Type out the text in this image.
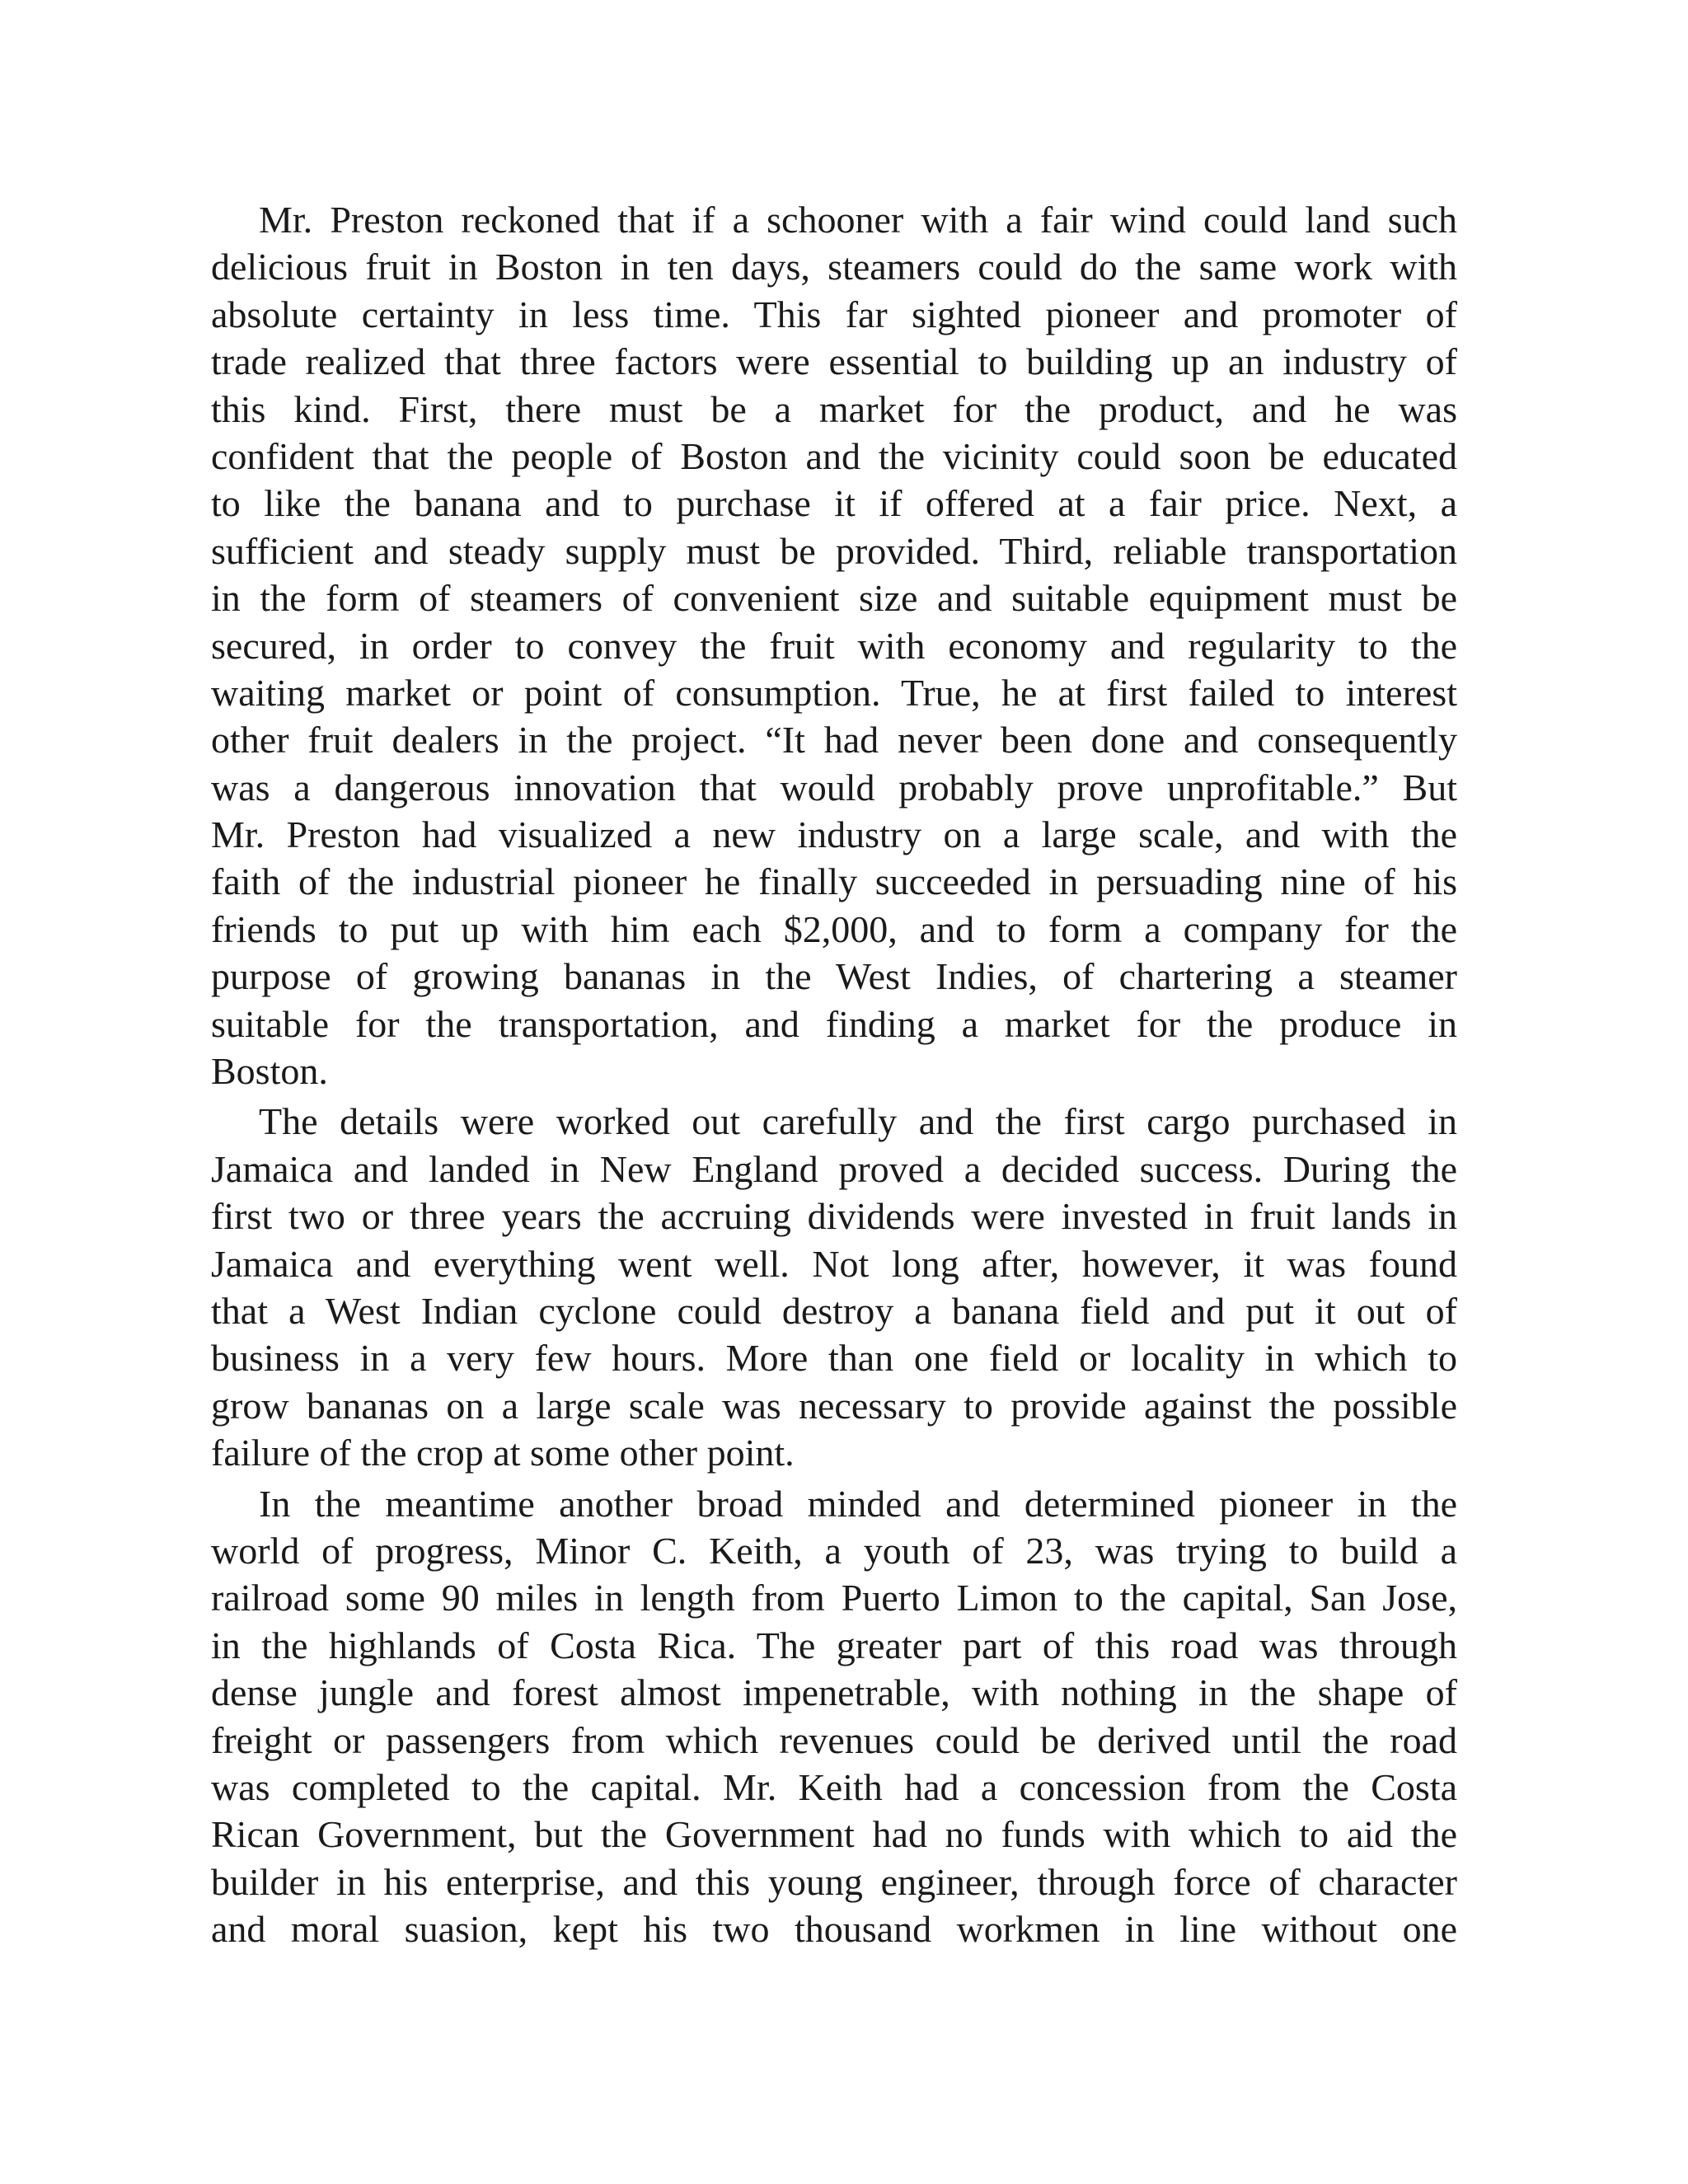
Mr. Preston reckoned that if a schooner with a fair wind could land such
delicious fruit in Boston in ten days, steamers could do the same work with
absolute certainty in less time. This far sighted pioneer and promoter of
trade realized that three factors were essential to building up an industry of
this kind. First, there must be a market for the product, and he was
confident that the people of Boston and the vicinity could soon be educated
to like the banana and to purchase it if offered at a fair price. Next, a
sufficient and steady supply must be provided. Third, reliable transportation
in the form of steamers of convenient size and suitable equipment must be
secured, in order to convey the fruit with economy and regularity to the
waiting market or point of consumption. True, he at first failed to interest
other fruit dealers in the project. “It had never been done and consequently
was a dangerous innovation that would probably prove unprofitable.” But
Mr. Preston had visualized a new industry on a large scale, and with the
faith of the industrial pioneer he finally succeeded in persuading nine of his
friends to put up with him each $2,000, and to form a company for the
purpose of growing bananas in the West Indies, of chartering a steamer
suitable for the transportation, and finding a market for the produce in
Boston.
The details were worked out carefully and the first cargo purchased in
Jamaica and landed in New England proved a decided success. During the
first two or three years the accruing dividends were invested in fruit lands in
Jamaica and everything went well. Not long after, however, it was found
that a West Indian cyclone could destroy a banana field and put it out of
business in a very few hours. More than one field or locality in which to
grow bananas on a large scale was necessary to provide against the possible
failure of the crop at some other point.
In the meantime another broad minded and determined pioneer in the
world of progress, Minor C. Keith, a youth of 23, was trying to build a
railroad some 90 miles in length from Puerto Limon to the capital, San Jose,
in the highlands of Costa Rica. The greater part of this road was through
dense jungle and forest almost impenetrable, with nothing in the shape of
freight or passengers from which revenues could be derived until the road
was completed to the capital. Mr. Keith had a concession from the Costa
Rican Government, but the Government had no funds with which to aid the
builder in his enterprise, and this young engineer, through force of character
and moral suasion, kept his two thousand workmen in line without one
